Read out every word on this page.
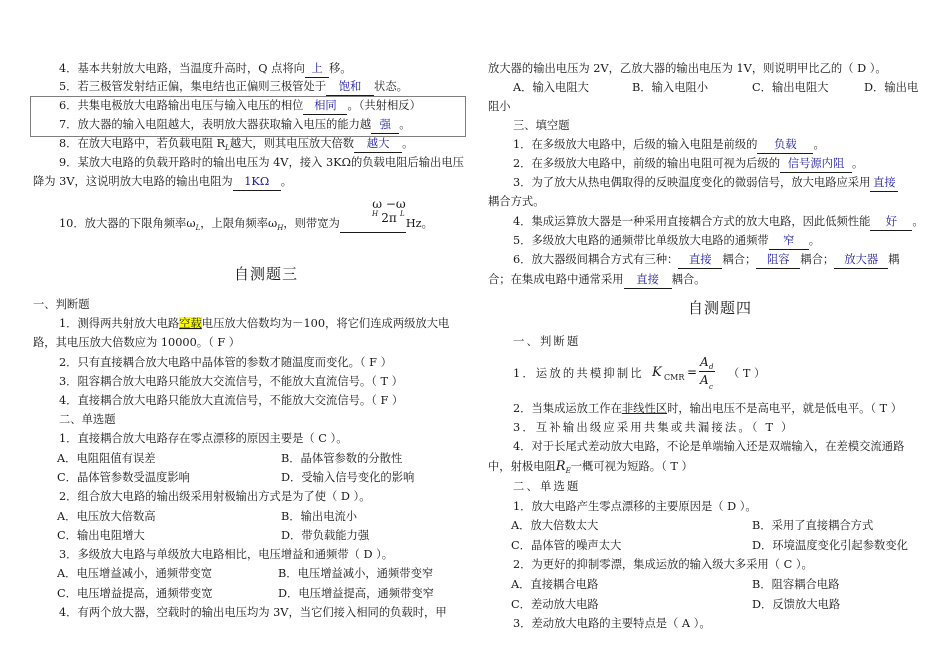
4．基本共射放大电路，当温度升高时，Q 点将向 上 移。
5．若三极管发射结正偏，集电结也正偏则三极管处于 饱和 状态。
6．共集电极放大电路输出电压与输入电压的相位 相同 。（共射相反）
7．放大器的输入电阻越大，表明放大器获取输入电压的能力越 强 。
8．在放大电路中，若负载电阻 $R_L$越大，则其电压放大倍数 越大 。
9．某放大电路的负载开路时的输出电压为 4V，接入 3KΩ的负载电阻后输出电压
降为 3V，这说明放大电路的输出电阻为 1KΩ 。
10．放大器的下限角频率$\omega_L$，上限角频率$\omega_H$，则带宽为	Hz。
ω −ω
H	L
2π
自测题三
一、判断题
1．测得两共射放大电路空载电压放大倍数均为－100，将它们连成两级放大电
路，其电压放大倍数应为 10000。（ F ）
2．只有直接耦合放大电路中晶体管的参数才随温度而变化。（ F ）
3．阻容耦合放大电路只能放大交流信号，不能放大直流信号。（ T ）
4．直接耦合放大电路只能放大直流信号，不能放大交流信号。（ F ）
二、单选题
1．直接耦合放大电路存在零点漂移的原因主要是（ C ）。
A．电阻阻值有误差	B．晶体管参数的分散性
C．晶体管参数受温度影响	D．受输入信号变化的影响
2．组合放大电路的输出级采用射极输出方式是为了使（ D ）。
A．电压放大倍数高	B．输出电流小
C．输出电阻增大	D．带负载能力强
3．多级放大电路与单级放大电路相比，电压增益和通频带（ D ）。
A．电压增益减小，通频带变宽	B．电压增益减小，通频带变窄
C．电压增益提高，通频带变宽	D．电压增益提高，通频带变窄
4．有两个放大器，空载时的输出电压均为 3V，当它们接入相同的负载时，甲
放大器的输出电压为 2V，乙放大器的输出电压为 1V，则说明甲比乙的（ D ）。
A．输入电阻大	B．输入电阻小	C．输出电阻大	D．输出电
阻小
三、填空题
1．在多级放大电路中，后级的输入电阻是前级的 负载 。
2．在多级放大电路中，前级的输出电阻可视为后级的 信号源内阻 。
3．为了放大从热电偶取得的反映温度变化的微弱信号，放大电路应采用 直接
耦合方式。
4．集成运算放大器是一种采用直接耦合方式的放大电路，因此低频性能 好 。
5．多级放大电路的通频带比单级放大电路的通频带 窄 。
6．放大器级间耦合方式有三种： 直接 耦合； 阻容 耦合； 放大器 耦
合；在集成电路中通常采用 直接 耦合。
自测题四
一、判断题
1．运放的共模抑制比 K CMR =
A d
A c
（ T ）
2．当集成运放工作在非线性区时，输出电压不是高电平，就是低电平。（ T ）
3．互补输出级应采用共集或共漏接法。（ T ）
4．对于长尾式差动放大电路，不论是单端输入还是双端输入，在差模交流通路
中，射极电阻$R_E$一概可视为短路。（ T ）
二、单选题
1．放大电路产生零点漂移的主要原因是（ D ）。
A．放大倍数太大	B．采用了直接耦合方式
C．晶体管的噪声太大	D．环境温度变化引起参数变化
2．为更好的抑制零漂，集成运放的输入级大多采用（ C ）。
A．直接耦合电路	B．阻容耦合电路
C．差动放大电路	D．反馈放大电路
3．差动放大电路的主要特点是（ A ）。
